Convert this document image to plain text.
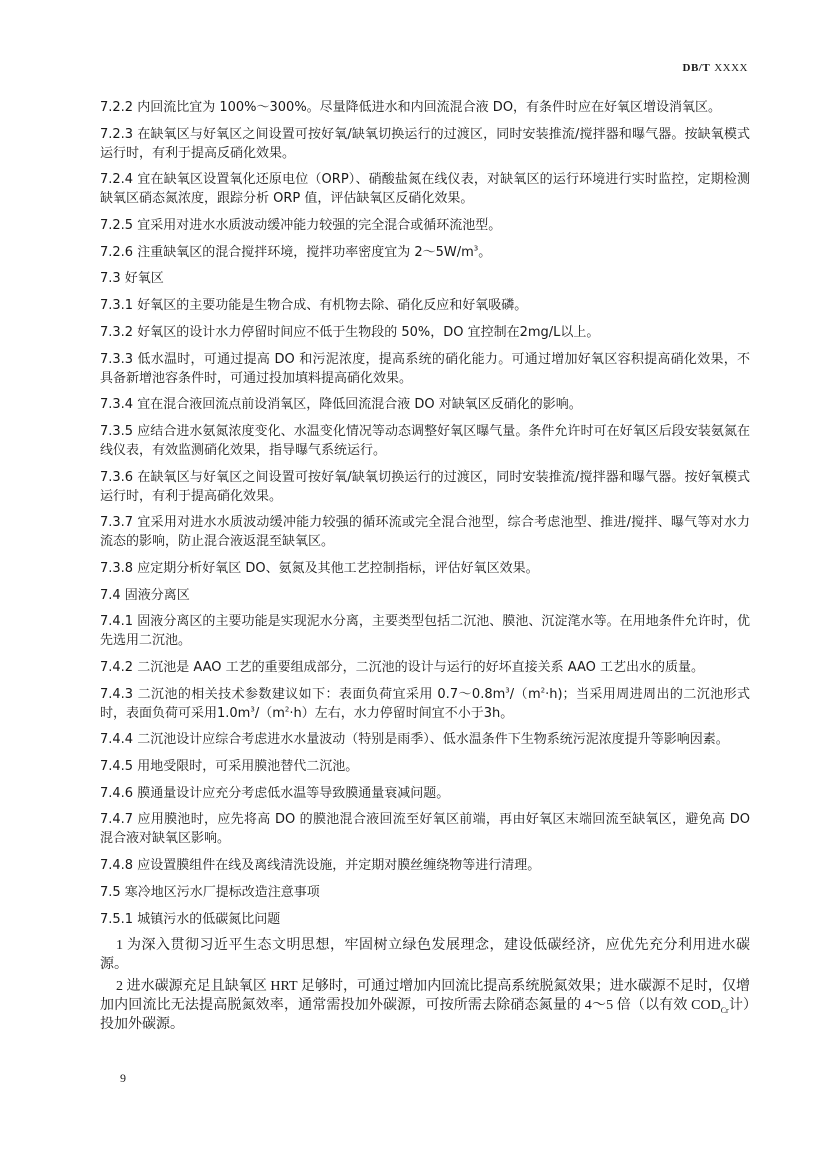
DB/T XXXX

7.2.2 内回流比宜为 100%～300%。尽量降低进水和内回流混合液 DO，有条件时应在好氧区增设消氧区。

7.2.3 在缺氧区与好氧区之间设置可按好氧/缺氧切换运行的过渡区，同时安装推流/搅拌器和曝气器。按缺氧模式运行时，有利于提高反硝化效果。

7.2.4 宜在缺氧区设置氧化还原电位（ORP）、硝酸盐氮在线仪表，对缺氧区的运行环境进行实时监控，定期检测缺氧区硝态氮浓度，跟踪分析 ORP 值，评估缺氧区反硝化效果。

7.2.5 宜采用对进水水质波动缓冲能力较强的完全混合或循环流池型。

7.2.6 注重缺氧区的混合搅拌环境，搅拌功率密度宜为 $2\sim 5W/m^3$。

7.3 好氧区

7.3.1 好氧区的主要功能是生物合成、有机物去除、硝化反应和好氧吸磷。

7.3.2 好氧区的设计水力停留时间应不低于生物段的 50%，DO 宜控制在2mg/L以上。

7.3.3 低水温时，可通过提高 DO 和污泥浓度，提高系统的硝化能力。可通过增加好氧区容积提高硝化效果，不具备新增池容条件时，可通过投加填料提高硝化效果。

7.3.4 宜在混合液回流点前设消氧区，降低回流混合液 DO 对缺氧区反硝化的影响。

7.3.5 应结合进水氨氮浓度变化、水温变化情况等动态调整好氧区曝气量。条件允许时可在好氧区后段安装氨氮在线仪表，有效监测硝化效果，指导曝气系统运行。

7.3.6 在缺氧区与好氧区之间设置可按好氧/缺氧切换运行的过渡区，同时安装推流/搅拌器和曝气器。按好氧模式运行时，有利于提高硝化效果。

7.3.7 宜采用对进水水质波动缓冲能力较强的循环流或完全混合池型，综合考虑池型、推进/搅拌、曝气等对水力流态的影响，防止混合液返混至缺氧区。

7.3.8 应定期分析好氧区 DO、氨氮及其他工艺控制指标，评估好氧区效果。

7.4 固液分离区

7.4.1 固液分离区的主要功能是实现泥水分离，主要类型包括二沉池、膜池、沉淀滗水等。在用地条件允许时，优先选用二沉池。

7.4.2 二沉池是 AAO 工艺的重要组成部分，二沉池的设计与运行的好坏直接关系 AAO 工艺出水的质量。

7.4.3 二沉池的相关技术参数建议如下：表面负荷宜采用 $0.7\sim 0.8m^3/(m^2\cdot h)$；当采用周进周出的二沉池形式时，表面负荷可采用$1.0m^3/(m^2\cdot h)$左右，水力停留时间宜不小于3h。

7.4.4 二沉池设计应综合考虑进水水量波动（特别是雨季）、低水温条件下生物系统污泥浓度提升等影响因素。

7.4.5 用地受限时，可采用膜池替代二沉池。

7.4.6 膜通量设计应充分考虑低水温等导致膜通量衰减问题。

7.4.7 应用膜池时，应先将高 DO 的膜池混合液回流至好氧区前端，再由好氧区末端回流至缺氧区，避免高 DO 混合液对缺氧区影响。

7.4.8 应设置膜组件在线及离线清洗设施，并定期对膜丝缠绕物等进行清理。

7.5 寒冷地区污水厂提标改造注意事项

7.5.1 城镇污水的低碳氮比问题

1 为深入贯彻习近平生态文明思想，牢固树立绿色发展理念，建设低碳经济，应优先充分利用进水碳源。

2 进水碳源充足且缺氧区 HRT 足够时，可通过增加内回流比提高系统脱氮效果；进水碳源不足时，仅增加内回流比无法提高脱氮效率，通常需投加外碳源，可按所需去除硝态氮量的 4～5 倍（以有效 $COD_{Cr}$计）投加外碳源。

9
